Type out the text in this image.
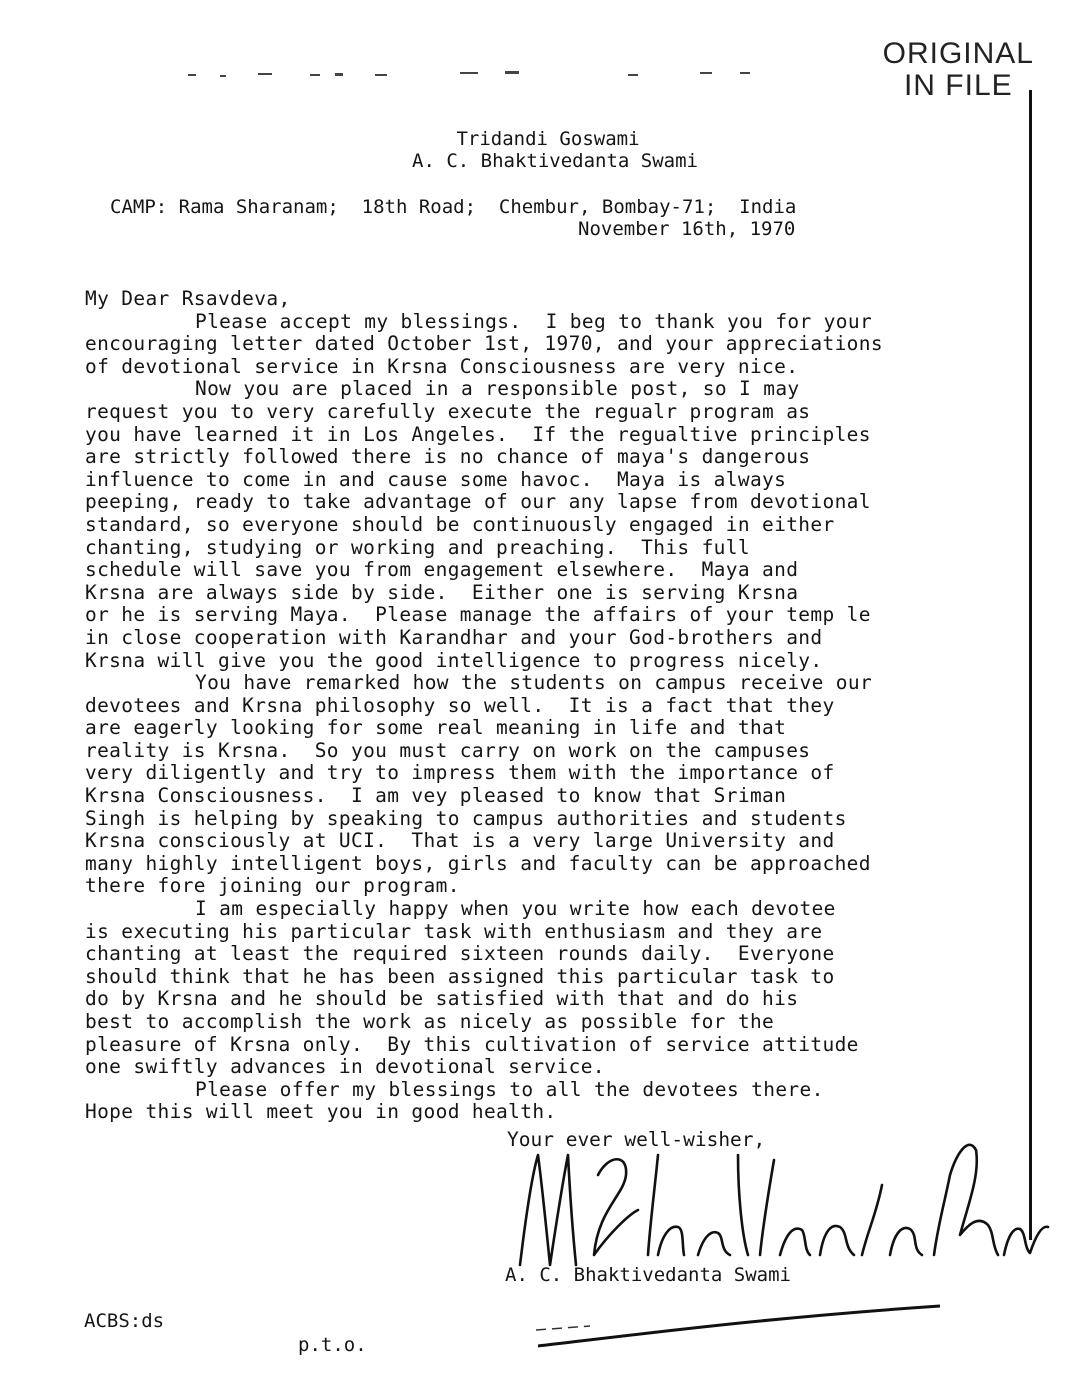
ORIGINAL
IN FILE
Tridandi Goswami
A. C. Bhaktivedanta Swami
CAMP: Rama Sharanam;  18th Road;  Chembur, Bombay-71;  India
November 16th, 1970
My Dear Rsavdeva,
Please accept my blessings.  I beg to thank you for your
encouraging letter dated October 1st, 1970, and your appreciations
of devotional service in Krsna Consciousness are very nice.
Now you are placed in a responsible post, so I may
request you to very carefully execute the regualr program as
you have learned it in Los Angeles.  If the regualtive principles
are strictly followed there is no chance of maya's dangerous
influence to come in and cause some havoc.  Maya is always
peeping, ready to take advantage of our any lapse from devotional
standard, so everyone should be continuously engaged in either
chanting, studying or working and preaching.  This full
schedule will save you from engagement elsewhere.  Maya and
Krsna are always side by side.  Either one is serving Krsna
or he is serving Maya.  Please manage the affairs of your temp le
in close cooperation with Karandhar and your God-brothers and
Krsna will give you the good intelligence to progress nicely.
You have remarked how the students on campus receive our
devotees and Krsna philosophy so well.  It is a fact that they
are eagerly looking for some real meaning in life and that
reality is Krsna.  So you must carry on work on the campuses
very diligently and try to impress them with the importance of
Krsna Consciousness.  I am vey pleased to know that Sriman
Singh is helping by speaking to campus authorities and students
Krsna consciously at UCI.  That is a very large University and
many highly intelligent boys, girls and faculty can be approached
there fore joining our program.
I am especially happy when you write how each devotee
is executing his particular task with enthusiasm and they are
chanting at least the required sixteen rounds daily.  Everyone
should think that he has been assigned this particular task to
do by Krsna and he should be satisfied with that and do his
best to accomplish the work as nicely as possible for the
pleasure of Krsna only.  By this cultivation of service attitude
one swiftly advances in devotional service.
Please offer my blessings to all the devotees there.
Hope this will meet you in good health.
Your ever well-wisher,
A. C. Bhaktivedanta Swami
ACBS:ds
p.t.o.
